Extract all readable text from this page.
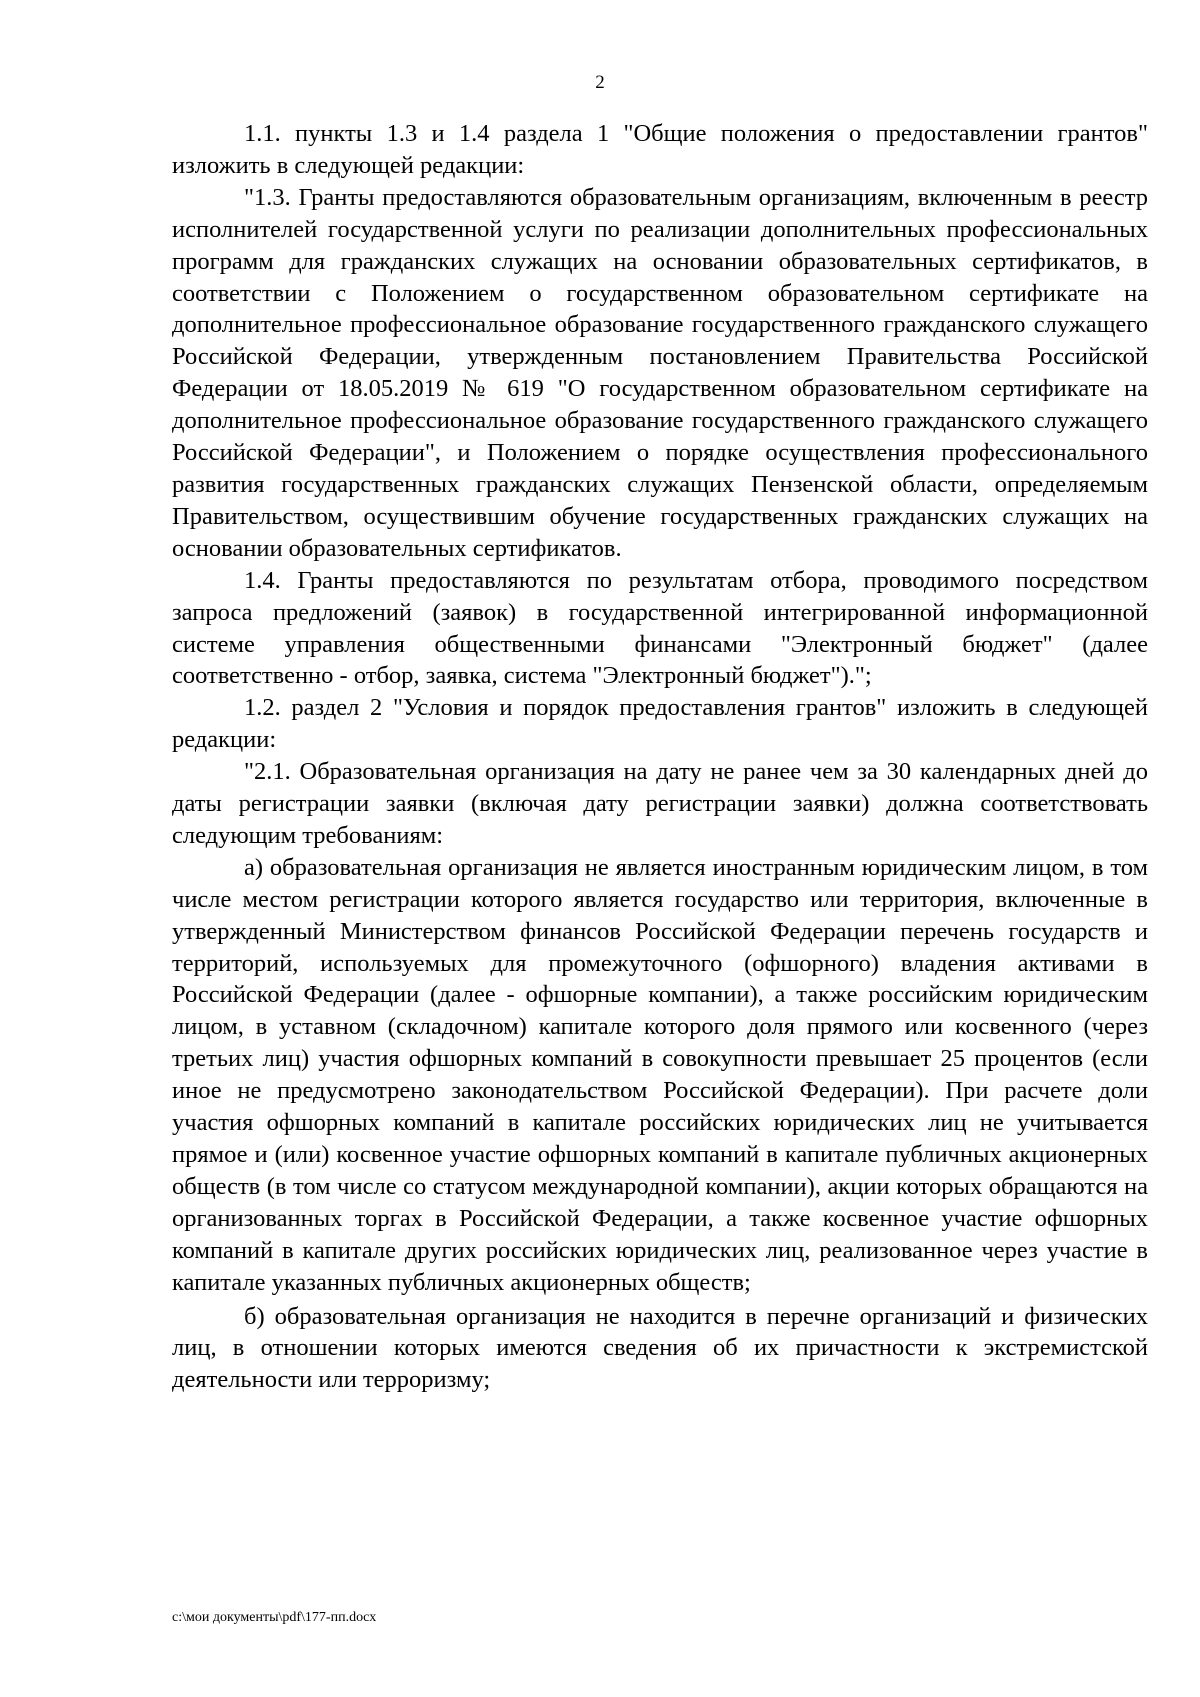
2

1.1. пункты 1.3 и 1.4 раздела 1 "Общие положения о предоставлении грантов" изложить в следующей редакции:

"1.3. Гранты предоставляются образовательным организациям, включенным в реестр исполнителей государственной услуги по реализации дополнительных профессиональных программ для гражданских служащих на основании образовательных сертификатов, в соответствии с Положением о государственном образовательном сертификате на дополнительное профессиональное образование государственного гражданского служащего Российской Федерации, утвержденным постановлением Правительства Российской Федерации от 18.05.2019 № 619 "О государственном образовательном сертификате на дополнительное профессиональное образование государственного гражданского служащего Российской Федерации", и Положением о порядке осуществления профессионального развития государственных гражданских служащих Пензенской области, определяемым Правительством, осуществившим обучение государственных гражданских служащих на основании образовательных сертификатов.

1.4. Гранты предоставляются по результатам отбора, проводимого посредством запроса предложений (заявок) в государственной интегрированной информационной системе управления общественными финансами "Электронный бюджет" (далее соответственно - отбор, заявка, система "Электронный бюджет").";

1.2. раздел 2 "Условия и порядок предоставления грантов" изложить в следующей редакции:

"2.1. Образовательная организация на дату не ранее чем за 30 календарных дней до даты регистрации заявки (включая дату регистрации заявки) должна соответствовать следующим требованиям:

а) образовательная организация не является иностранным юридическим лицом, в том числе местом регистрации которого является государство или территория, включенные в утвержденный Министерством финансов Российской Федерации перечень государств и территорий, используемых для промежуточного (офшорного) владения активами в Российской Федерации (далее - офшорные компании), а также российским юридическим лицом, в уставном (складочном) капитале которого доля прямого или косвенного (через третьих лиц) участия офшорных компаний в совокупности превышает 25 процентов (если иное не предусмотрено законодательством Российской Федерации). При расчете доли участия офшорных компаний в капитале российских юридических лиц не учитывается прямое и (или) косвенное участие офшорных компаний в капитале публичных акционерных обществ (в том числе со статусом международной компании), акции которых обращаются на организованных торгах в Российской Федерации, а также косвенное участие офшорных компаний в капитале других российских юридических лиц, реализованное через участие в капитале указанных публичных акционерных обществ;

б) образовательная организация не находится в перечне организаций и физических лиц, в отношении которых имеются сведения об их причастности к экстремистской деятельности или терроризму;

c:\мои документы\pdf\177-пп.docx
